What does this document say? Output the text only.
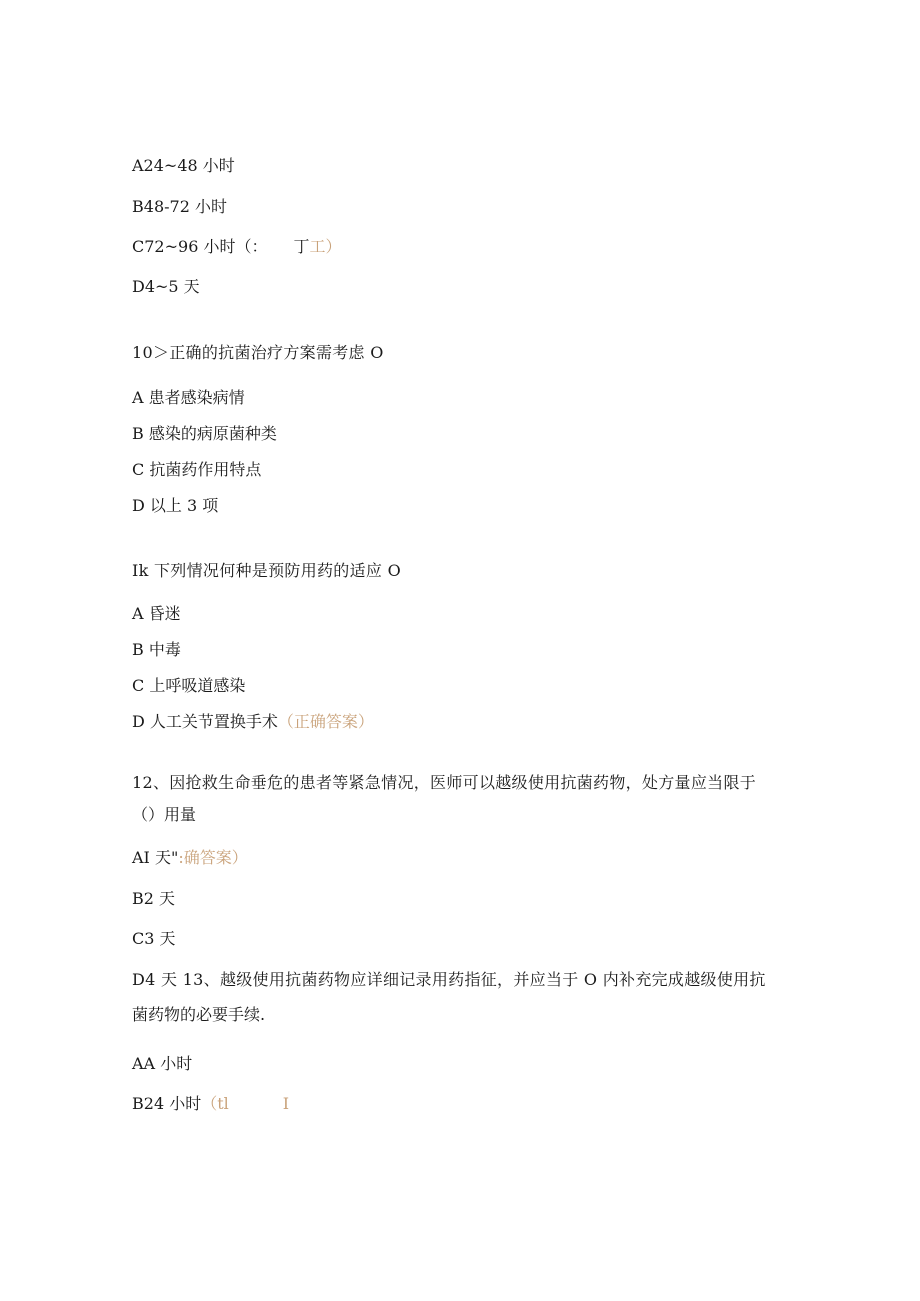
A24~48 小时
B48-72 小时
C72~96 小时（： 丁工）
D4~5 天
10＞正确的抗菌治疗方案需考虑 O
A 患者感染病情
B 感染的病原菌种类
C 抗菌药作用特点
D 以上 3 项
Ik 下列情况何种是预防用药的适应 O
A 昏迷
B 中毒
C 上呼吸道感染
D 人工关节置换手术（正确答案）
12、因抢救生命垂危的患者等紧急情况，医师可以越级使用抗菌药物，处方量应当限于
（）用量
AI 天":确答案）
B2 天
C3 天
D4 天 13、越级使用抗菌药物应详细记录用药指征，并应当于 O 内补充完成越级使用抗
菌药物的必要手续.
AA 小时
B24 小时（tl	I
